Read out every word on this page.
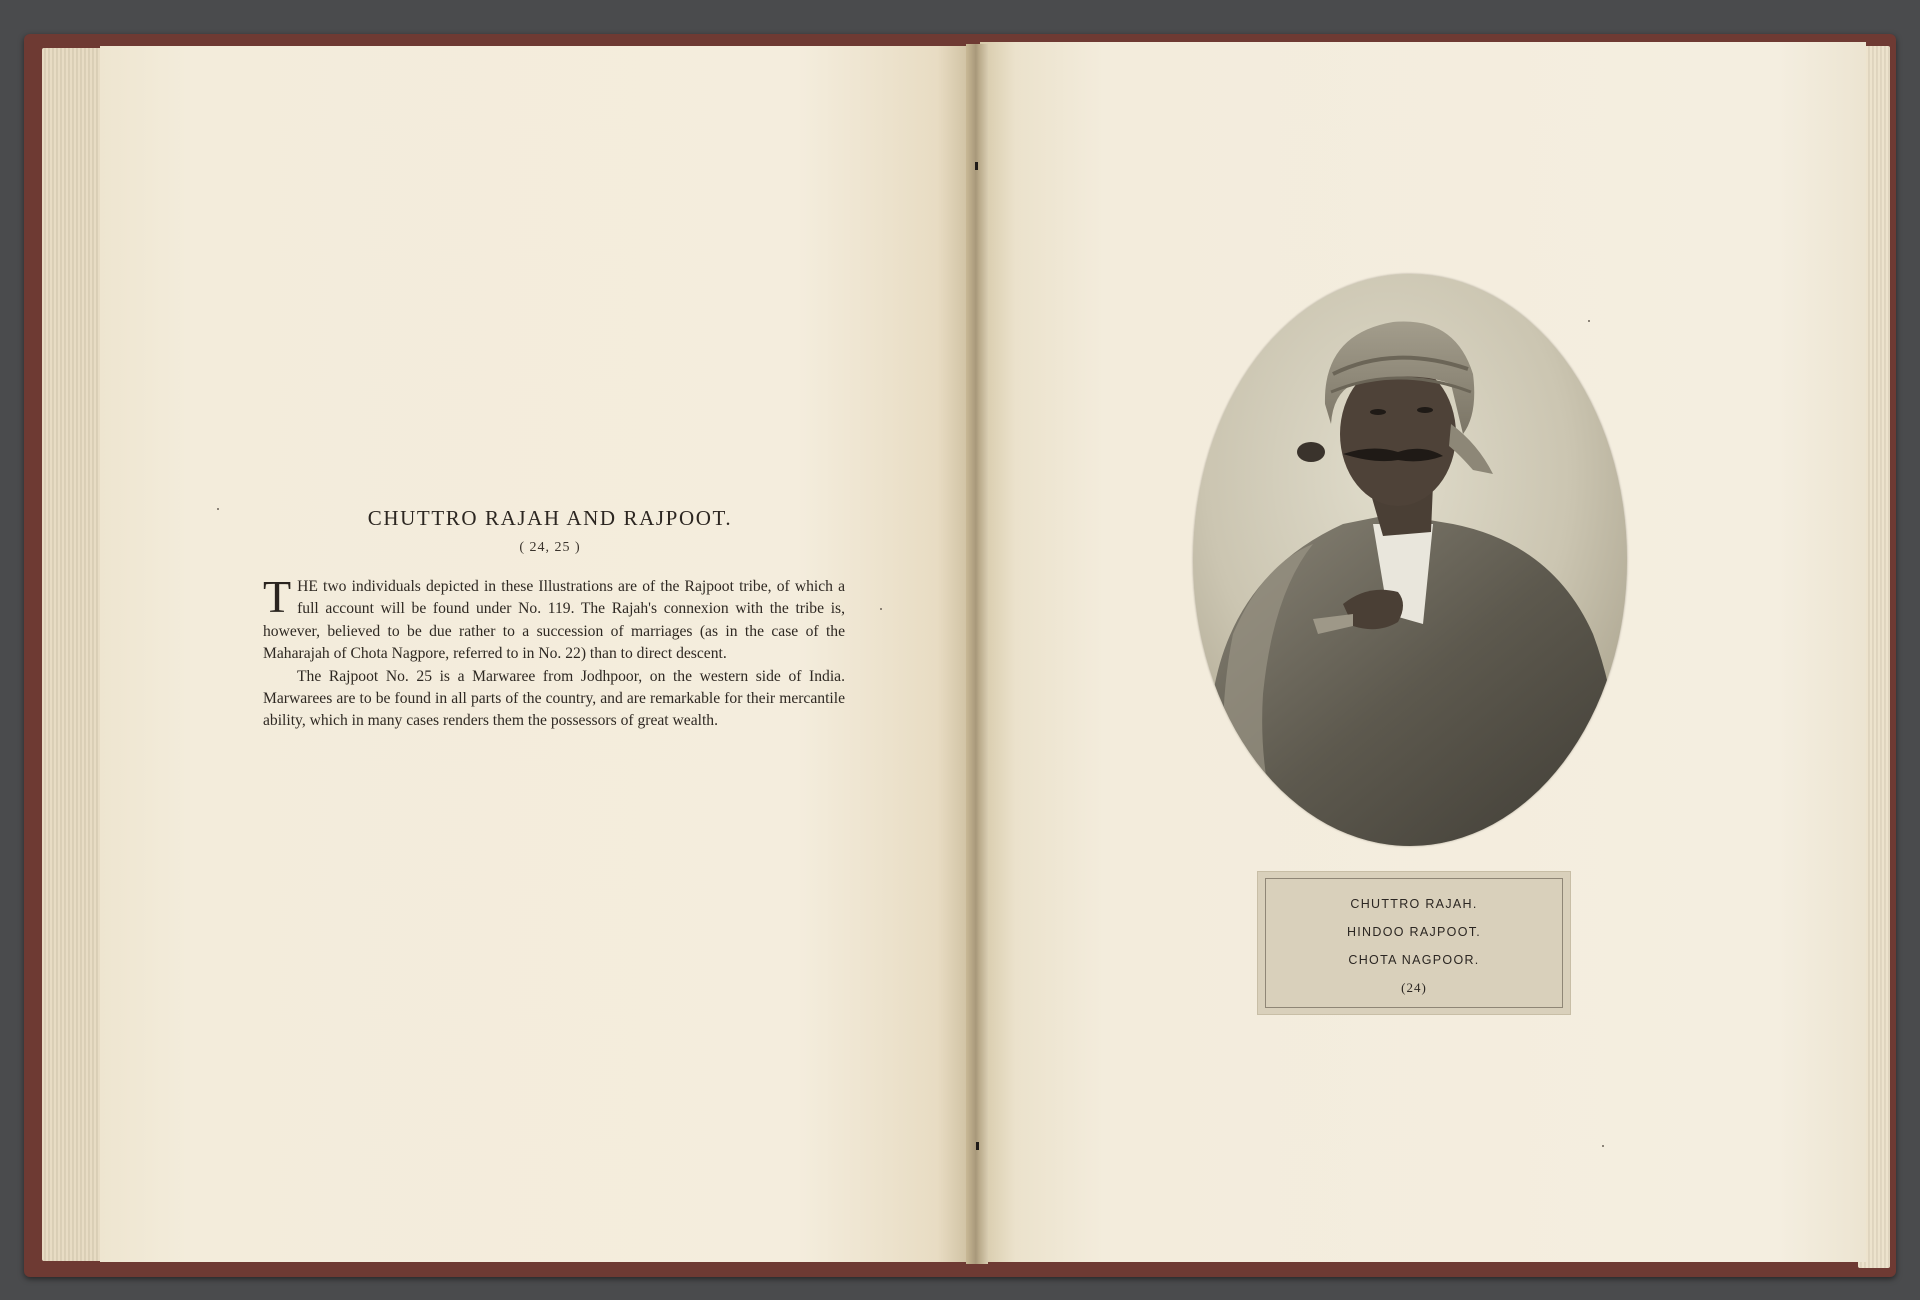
CHUTTRO RAJAH AND RAJPOOT.
( 24, 25 )

THE two individuals depicted in these Illustrations are of the Rajpoot tribe, of which a full account will be found under No. 119. The Rajah's connexion with the tribe is, however, believed to be due rather to a succession of marriages (as in the case of the Maharajah of Chota Nagpore, referred to in No. 22) than to direct descent.

The Rajpoot No. 25 is a Marwaree from Jodhpoor, on the western side of India. Marwarees are to be found in all parts of the country, and are remarkable for their mercantile ability, which in many cases renders them the possessors of great wealth.

CHUTTRO RAJAH.
HINDOO RAJPOOT.
CHOTA NAGPOOR.
(24)
